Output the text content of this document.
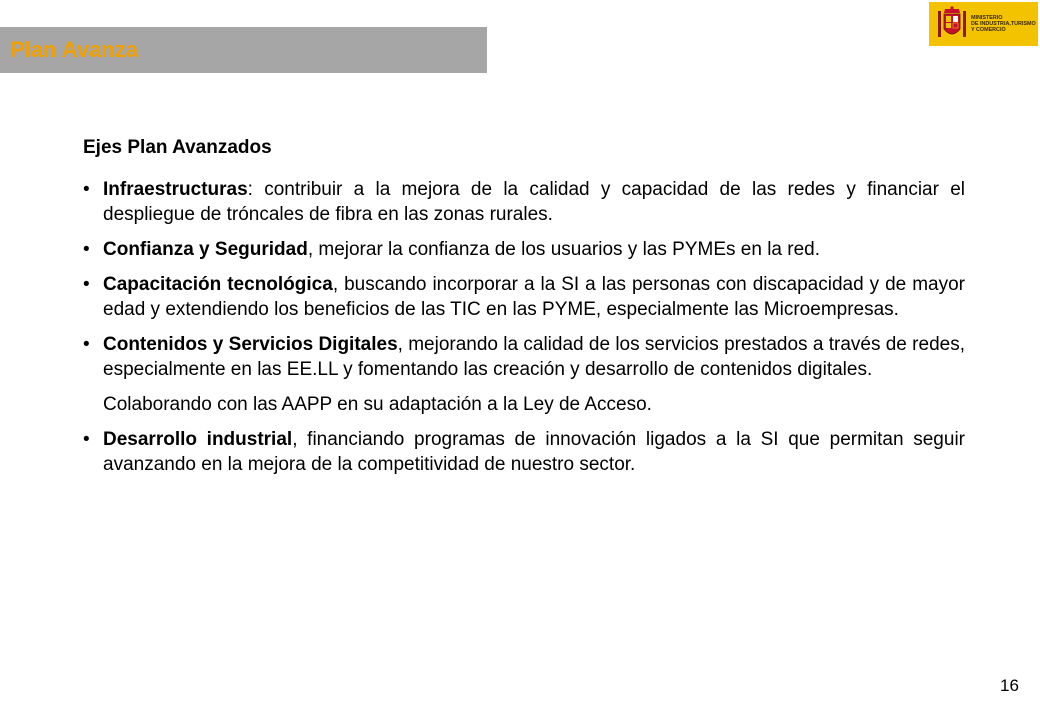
Plan Avanza
MINISTERIO
DE INDUSTRIA,TURISMO
Y COMERCIO
Ejes Plan Avanzados
• Infraestructuras: contribuir a la mejora de la calidad y capacidad de las redes y financiar el despliegue de tróncales de fibra en las zonas rurales.
• Confianza y Seguridad, mejorar la confianza de los usuarios y las PYMEs en la red.
• Capacitación tecnológica, buscando incorporar a la SI a las personas con discapacidad y de mayor edad y extendiendo los beneficios de las TIC en las PYME, especialmente las Microempresas.
• Contenidos y Servicios Digitales, mejorando la calidad de los servicios prestados a través de redes, especialmente en las EE.LL y fomentando las creación y desarrollo de contenidos digitales.
Colaborando con las AAPP en su adaptación a la Ley de Acceso.
• Desarrollo industrial, financiando programas de innovación ligados a la SI que permitan seguir avanzando en la mejora de la competitividad de nuestro sector.
16
